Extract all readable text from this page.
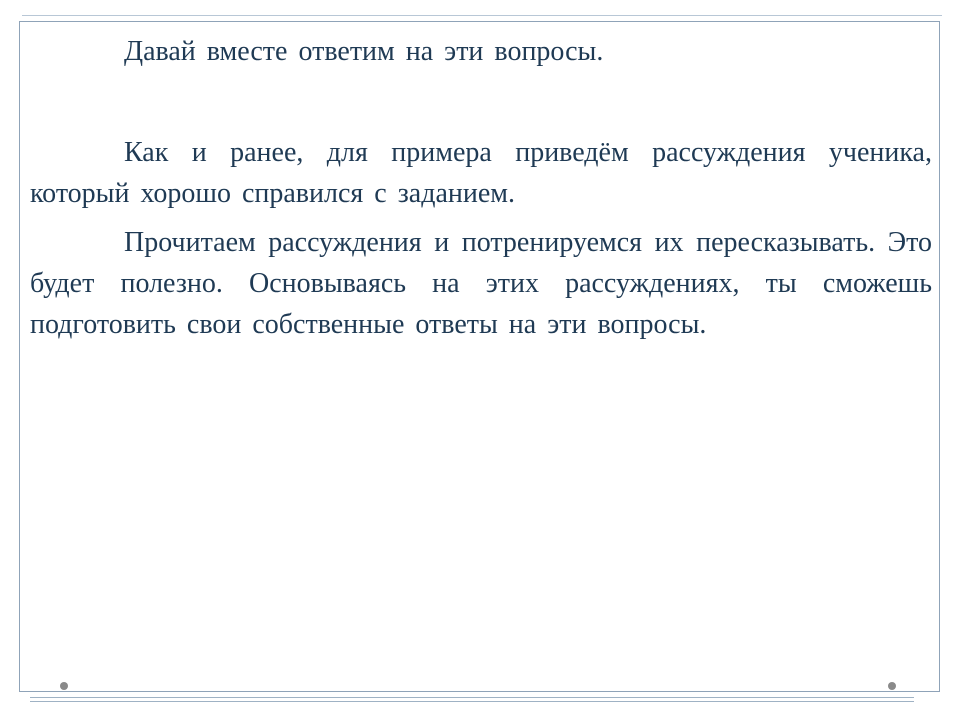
Давай вместе ответим на эти вопросы.

Как и ранее, для примера приведём рассуждения ученика, который хорошо справился с заданием.

Прочитаем рассуждения и потренируемся их пересказывать. Это будет полезно. Основываясь на этих рассуждениях, ты сможешь подготовить свои собственные ответы на эти вопросы.
